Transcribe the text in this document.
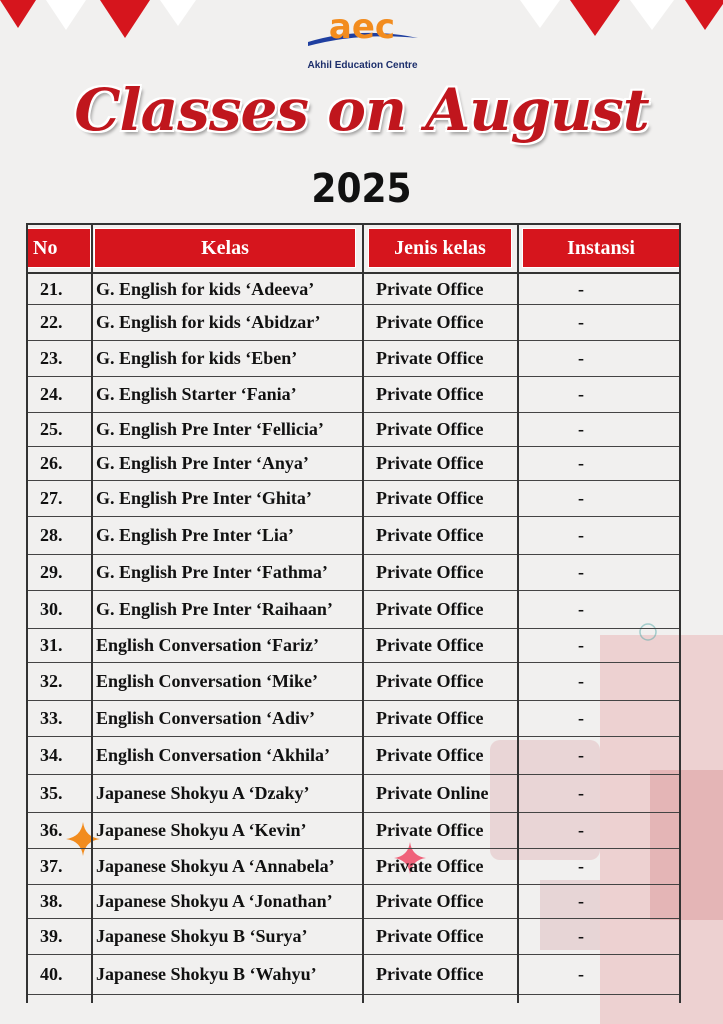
aec
Akhil Education Centre
Classes on August
2025
No	Kelas	Jenis kelas	Instansi
21. G. English for kids ‘Adeeva’	Private Office	-
22. G. English for kids ‘Abidzar’	Private Office	-
23. G. English for kids ‘Eben’	Private Office	-
24. G. English Starter ‘Fania’	Private Office	-
25. G. English Pre Inter ‘Fellicia’	Private Office	-
26. G. English Pre Inter ‘Anya’	Private Office	-
27. G. English Pre Inter ‘Ghita’	Private Office	-
28. G. English Pre Inter ‘Lia’	Private Office	-
29. G. English Pre Inter ‘Fathma’	Private Office	-
30. G. English Pre Inter ‘Raihaan’ Private Office	-
31. English Conversation ‘Fariz’	Private Office	-
32. English Conversation ‘Mike’	Private Office	-
33. English Conversation ‘Adiv’	Private Office	-
34. English Conversation ‘Akhila’	Private Office	-
35. Japanese Shokyu A ‘Dzaky’	Private Online	-
36. Japanese Shokyu A ‘Kevin’	Private Office	-
37. Japanese Shokyu A ‘Annabela’ Private Office	-
38. Japanese Shokyu A ‘Jonathan’ Private Office	-
39. Japanese Shokyu B ‘Surya’	Private Office	-
40. Japanese Shokyu B ‘Wahyu’	Private Office	-
